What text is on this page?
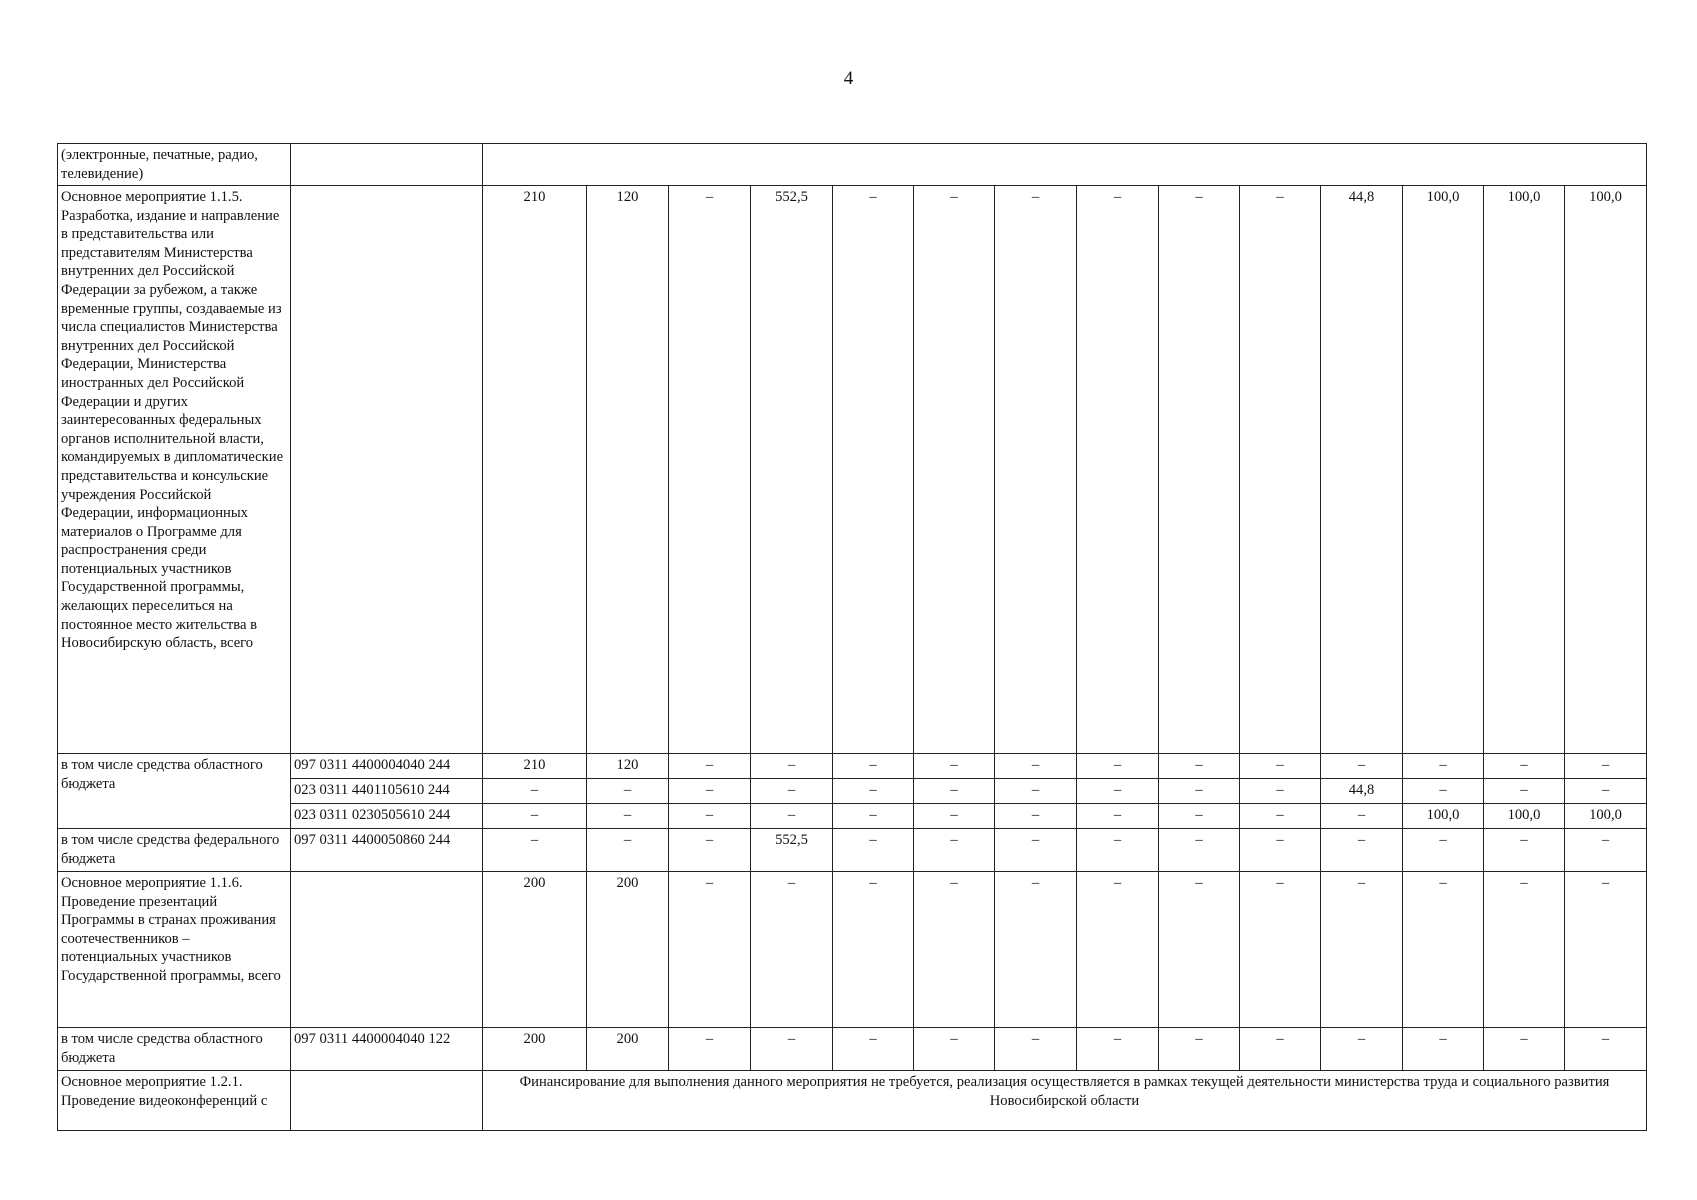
4
(электронные, печатные, радио, телевидение)															
Основное мероприятие 1.1.5. Разработка, издание и направление в представительства или представителям Министерства внутренних дел Российской Федерации за рубежом, а также временные группы, создаваемые из числа специалистов Министерства внутренних дел Российской Федерации, Министерства иностранных дел Российской Федерации и других заинтересованных федеральных органов исполнительной власти, командируемых в дипломатические представительства и консульские учреждения Российской Федерации, информационных материалов о Программе для распространения среди потенциальных участников Государственной программы, желающих переселиться на постоянное место жительства в Новосибирскую область, всего		210	120	–	552,5	–	–	–	–	–	–	44,8	100,0	100,0	100,0
в том числе средства областного бюджета	097 0311 4400004040 244	210	120	–	–	–	–	–	–	–	–	–	–	–	–
	023 0311 4401105610 244	–	–	–	–	–	–	–	–	–	–	44,8	–	–	–
	023 0311 0230505610 244	–	–	–	–	–	–	–	–	–	–	–	100,0	100,0	100,0
в том числе средства федерального бюджета	097 0311 4400050860 244	–	–	–	552,5	–	–	–	–	–	–	–	–	–	–
Основное мероприятие 1.1.6. Проведение презентаций Программы в странах проживания соотечественников – потенциальных участников Государственной программы, всего		200	200	–	–	–	–	–	–	–	–	–	–	–	–
в том числе средства областного бюджета	097 0311 4400004040 122	200	200	–	–	–	–	–	–	–	–	–	–	–	–
Основное мероприятие 1.2.1. Проведение видеоконференций с		Финансирование для выполнения данного мероприятия не требуется, реализация осуществляется в рамках текущей деятельности министерства труда и социального развития Новосибирской области													
